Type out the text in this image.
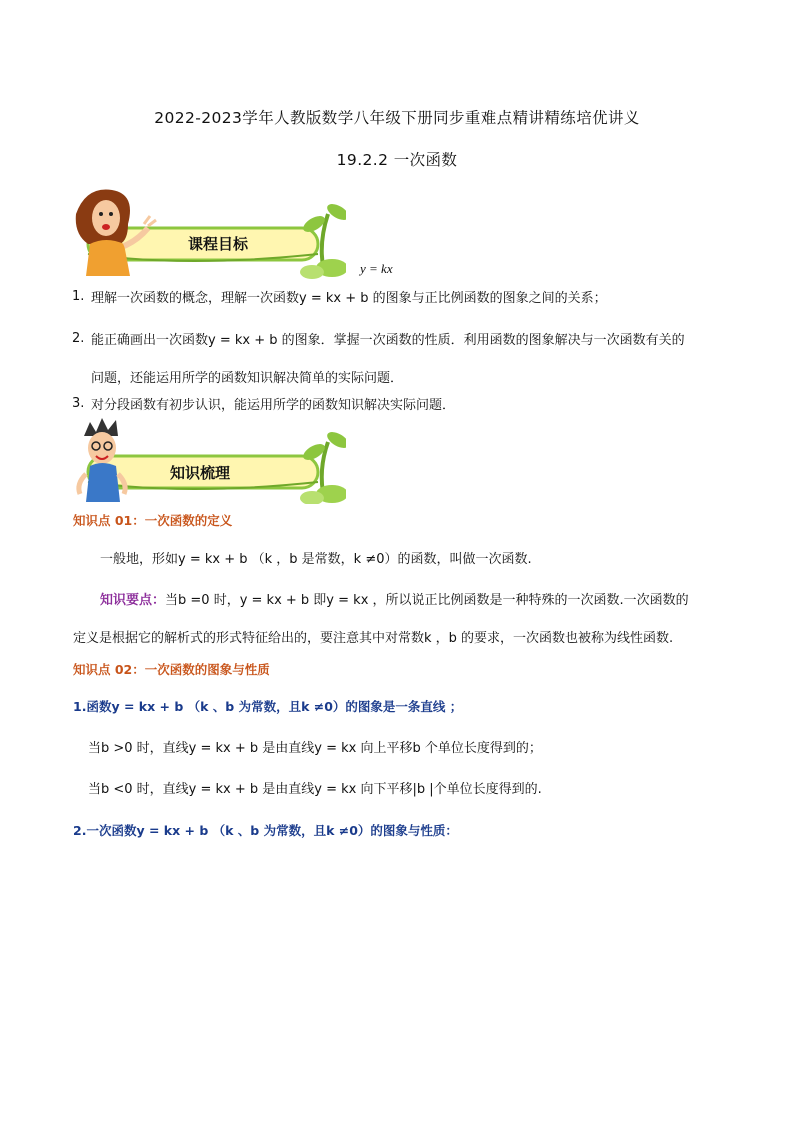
2022-2023学年人教版数学八年级下册同步重难点精讲精练培优讲义
19.2.2 一次函数
课程目标
y = kx
1. 理解一次函数的概念，理解一次函数y = kx + b 的图象与正比例函数的图象之间的关系；
2. 能正确画出一次函数y = kx + b 的图象．掌握一次函数的性质．利用函数的图象解决与一次函数有关的
问题，还能运用所学的函数知识解决简单的实际问题．
3. 对分段函数有初步认识，能运用所学的函数知识解决实际问题．
知识梳理
知识点 01：一次函数的定义
一般地，形如y = kx + b （k ，b 是常数，k ≠0）的函数，叫做一次函数.
知识要点：当b =0 时，y = kx + b 即y = kx ，所以说正比例函数是一种特殊的一次函数.一次函数的
定义是根据它的解析式的形式特征给出的，要注意其中对常数k ，b 的要求，一次函数也被称为线性函数.
知识点 02：一次函数的图象与性质
1.函数y = kx + b （k 、b 为常数，且k ≠0）的图象是一条直线 ；
当b >0 时，直线y = kx + b 是由直线y = kx 向上平移b 个单位长度得到的；
当b <0 时，直线y = kx + b 是由直线y = kx 向下平移|b |个单位长度得到的.
2.一次函数y = kx + b （k 、b 为常数，且k ≠0）的图象与性质：
